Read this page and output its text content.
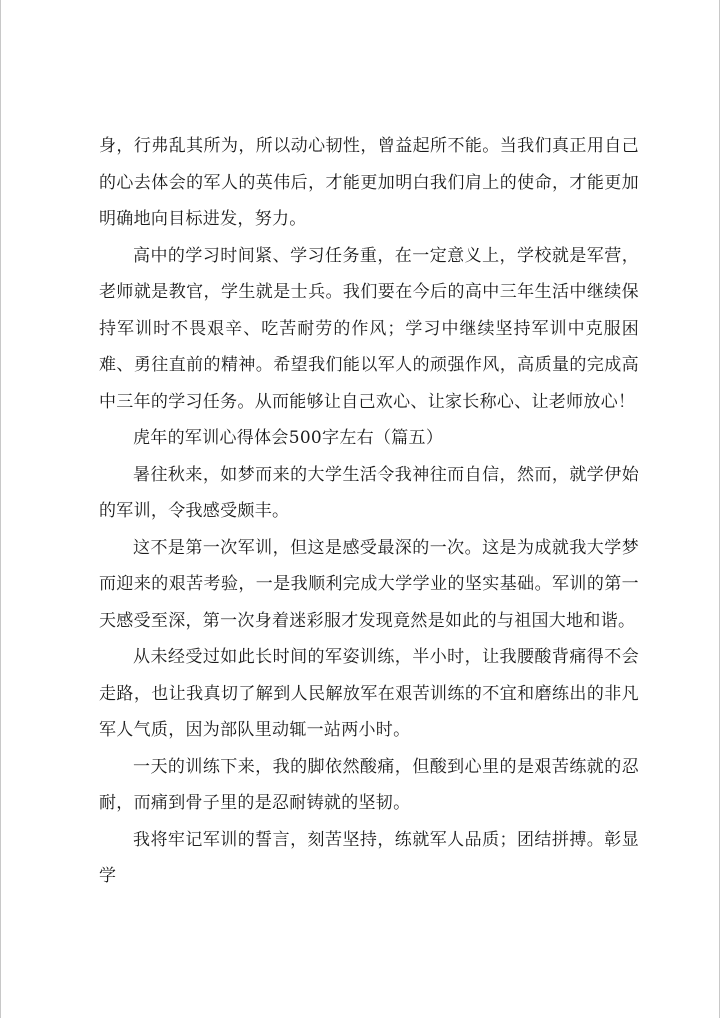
身，行弗乱其所为，所以动心韧性，曾益起所不能。当我们真正用自己的心去体会的军人的英伟后，才能更加明白我们肩上的使命，才能更加明确地向目标进发，努力。

高中的学习时间紧、学习任务重，在一定意义上，学校就是军营，老师就是教官，学生就是士兵。我们要在今后的高中三年生活中继续保持军训时不畏艰辛、吃苦耐劳的作风；学习中继续坚持军训中克服困难、勇往直前的精神。希望我们能以军人的顽强作风，高质量的完成高中三年的学习任务。从而能够让自己欢心、让家长称心、让老师放心！

虎年的军训心得体会500字左右（篇五）

暑往秋来，如梦而来的大学生活令我神往而自信，然而，就学伊始的军训，令我感受颇丰。

这不是第一次军训，但这是感受最深的一次。这是为成就我大学梦而迎来的艰苦考验，一是我顺利完成大学学业的坚实基础。军训的第一天感受至深，第一次身着迷彩服才发现竟然是如此的与祖国大地和谐。

从未经受过如此长时间的军姿训练，半小时，让我腰酸背痛得不会走路，也让我真切了解到人民解放军在艰苦训练的不宜和磨练出的非凡军人气质，因为部队里动辄一站两小时。

一天的训练下来，我的脚依然酸痛，但酸到心里的是艰苦练就的忍耐，而痛到骨子里的是忍耐铸就的坚韧。

我将牢记军训的誓言，刻苦坚持，练就军人品质；团结拼搏。彰显学
